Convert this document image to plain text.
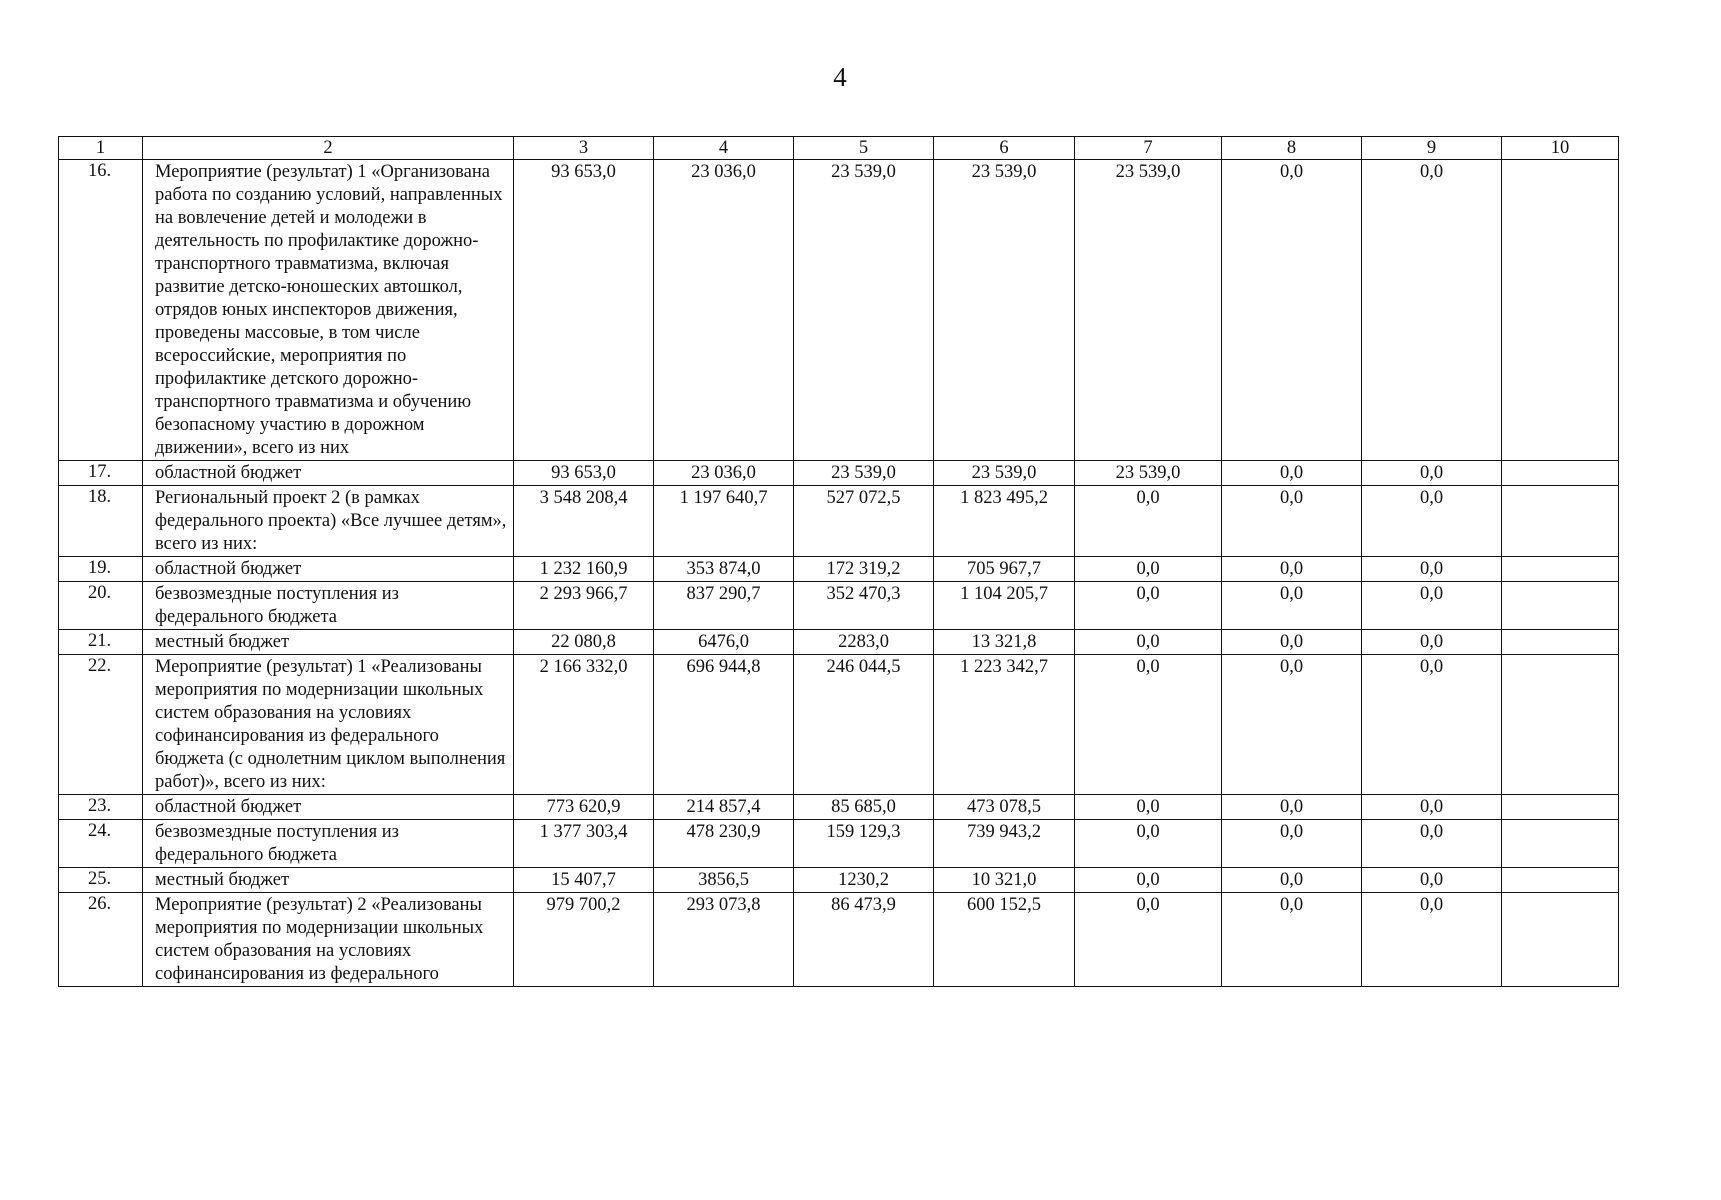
4
1	2	3	4	5	6	7	8	9	10
16.	Мероприятие (результат) 1 «Организована работа по созданию условий, направленных на вовлечение детей и молодежи в деятельность по профилактике дорожно-транспортного травматизма, включая развитие детско-юношеских автошкол, отрядов юных инспекторов движения, проведены массовые, в том числе всероссийские, мероприятия по профилактике детского дорожно-транспортного травматизма и обучению безопасному участию в дорожном движении», всего из них	93 653,0	23 036,0	23 539,0	23 539,0	23 539,0	0,0	0,0	
17.	областной бюджет	93 653,0	23 036,0	23 539,0	23 539,0	23 539,0	0,0	0,0	
18.	Региональный проект 2 (в рамках федерального проекта) «Все лучшее детям», всего из них:	3 548 208,4	1 197 640,7	527 072,5	1 823 495,2	0,0	0,0	0,0	
19.	областной бюджет	1 232 160,9	353 874,0	172 319,2	705 967,7	0,0	0,0	0,0	
20.	безвозмездные поступления из федерального бюджета	2 293 966,7	837 290,7	352 470,3	1 104 205,7	0,0	0,0	0,0	
21.	местный бюджет	22 080,8	6476,0	2283,0	13 321,8	0,0	0,0	0,0	
22.	Мероприятие (результат) 1 «Реализованы мероприятия по модернизации школьных систем образования на условиях софинансирования из федерального бюджета (с однолетним циклом выполнения работ)», всего из них:	2 166 332,0	696 944,8	246 044,5	1 223 342,7	0,0	0,0	0,0	
23.	областной бюджет	773 620,9	214 857,4	85 685,0	473 078,5	0,0	0,0	0,0	
24.	безвозмездные поступления из федерального бюджета	1 377 303,4	478 230,9	159 129,3	739 943,2	0,0	0,0	0,0	
25.	местный бюджет	15 407,7	3856,5	1230,2	10 321,0	0,0	0,0	0,0	
26.	Мероприятие (результат) 2 «Реализованы мероприятия по модернизации школьных систем образования на условиях софинансирования из федерального	979 700,2	293 073,8	86 473,9	600 152,5	0,0	0,0	0,0	
